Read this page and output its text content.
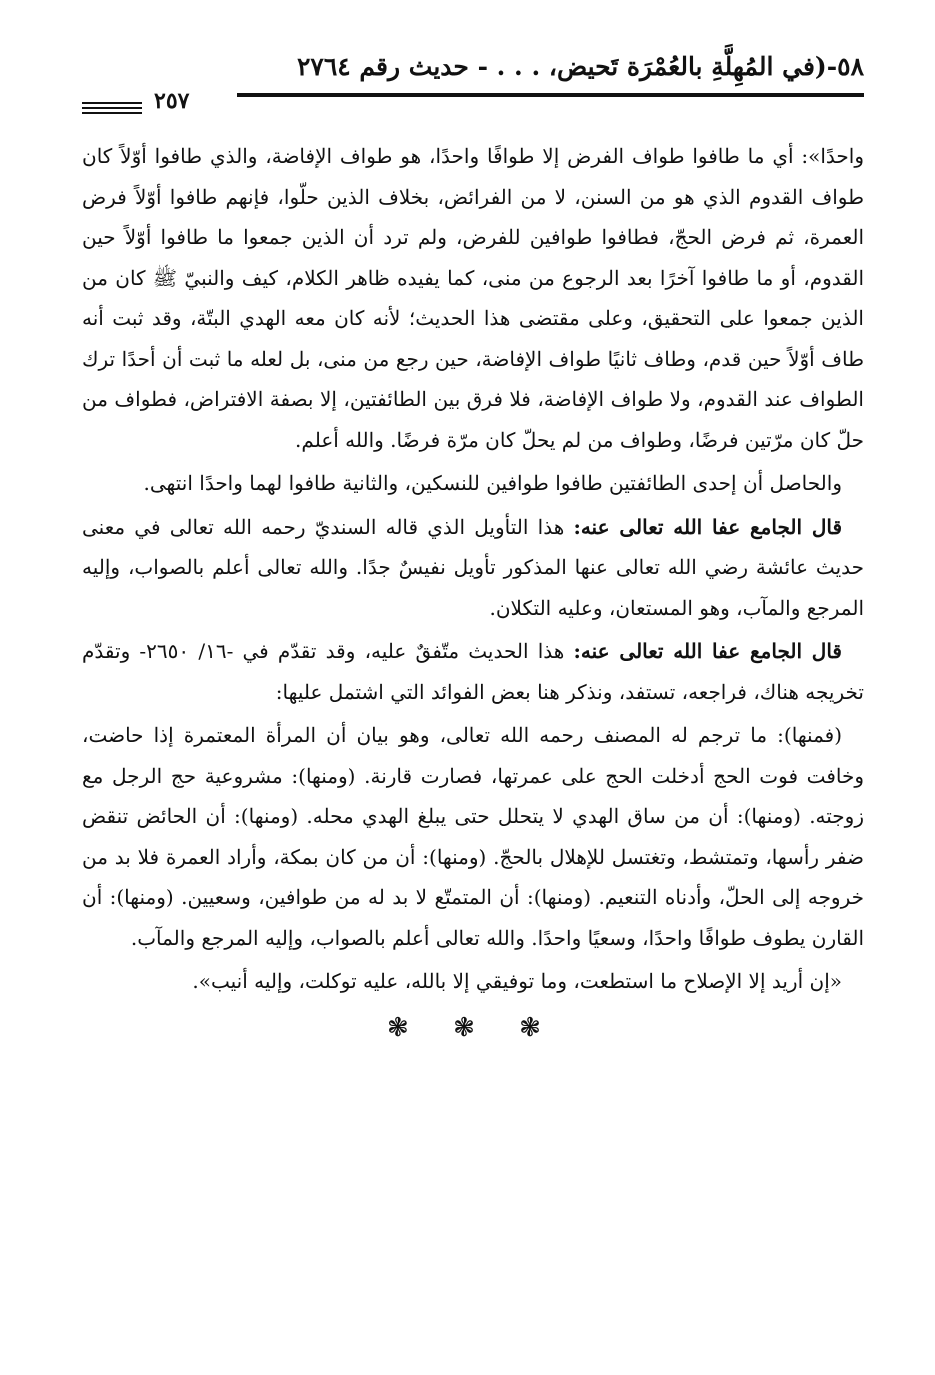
٥٨-(في المُهِلَّةِ بالعُمْرَة تَحيض، . . . - حديث رقم ٢٧٦٤
٢٥٧

واحدًا»: أي ما طافوا طواف الفرض إلا طوافًا واحدًا، هو طواف الإفاضة، والذي طافوا أوّلاً كان طواف القدوم الذي هو من السنن، لا من الفرائض، بخلاف الذين حلّوا، فإنهم طافوا أوّلاً فرض العمرة، ثم فرض الحجّ، فطافوا طوافين للفرض، ولم ترد أن الذين جمعوا ما طافوا أوّلاً حين القدوم، أو ما طافوا آخرًا بعد الرجوع من منى، كما يفيده ظاهر الكلام، كيف والنبيّ ﷺ كان من الذين جمعوا على التحقيق، وعلى مقتضى هذا الحديث؛ لأنه كان معه الهدي البتّة، وقد ثبت أنه طاف أوّلاً حين قدم، وطاف ثانيًا طواف الإفاضة، حين رجع من منى، بل لعله ما ثبت أن أحدًا ترك الطواف عند القدوم، ولا طواف الإفاضة، فلا فرق بين الطائفتين، إلا بصفة الافتراض، فطواف من حلّ كان مرّتين فرضًا، وطواف من لم يحلّ كان مرّة فرضًا. والله أعلم.

والحاصل أن إحدى الطائفتين طافوا طوافين للنسكين، والثانية طافوا لهما واحدًا انتهى.

قال الجامع عفا الله تعالى عنه: هذا التأويل الذي قاله السنديّ رحمه الله تعالى في معنى حديث عائشة رضي الله تعالى عنها المذكور تأويل نفيسٌ جدًا. والله تعالى أعلم بالصواب، وإليه المرجع والمآب، وهو المستعان، وعليه التكلان.

قال الجامع عفا الله تعالى عنه: هذا الحديث متّفقٌ عليه، وقد تقدّم في -١٦/ ٢٦٥٠- وتقدّم تخريجه هناك، فراجعه، تستفد، ونذكر هنا بعض الفوائد التي اشتمل عليها:

(فمنها): ما ترجم له المصنف رحمه الله تعالى، وهو بيان أن المرأة المعتمرة إذا حاضت، وخافت فوت الحج أدخلت الحج على عمرتها، فصارت قارنة. (ومنها): مشروعية حج الرجل مع زوجته. (ومنها): أن من ساق الهدي لا يتحلل حتى يبلغ الهدي محله. (ومنها): أن الحائض تنقض ضفر رأسها، وتمتشط، وتغتسل للإهلال بالحجّ. (ومنها): أن من كان بمكة، وأراد العمرة فلا بد من خروجه إلى الحلّ، وأدناه التنعيم. (ومنها): أن المتمتّع لا بد له من طوافين، وسعيين. (ومنها): أن القارن يطوف طوافًا واحدًا، وسعيًا واحدًا. والله تعالى أعلم بالصواب، وإليه المرجع والمآب.

«إن أريد إلا الإصلاح ما استطعت، وما توفيقي إلا بالله، عليه توكلت، وإليه أنيب».

❃ ❃ ❃
